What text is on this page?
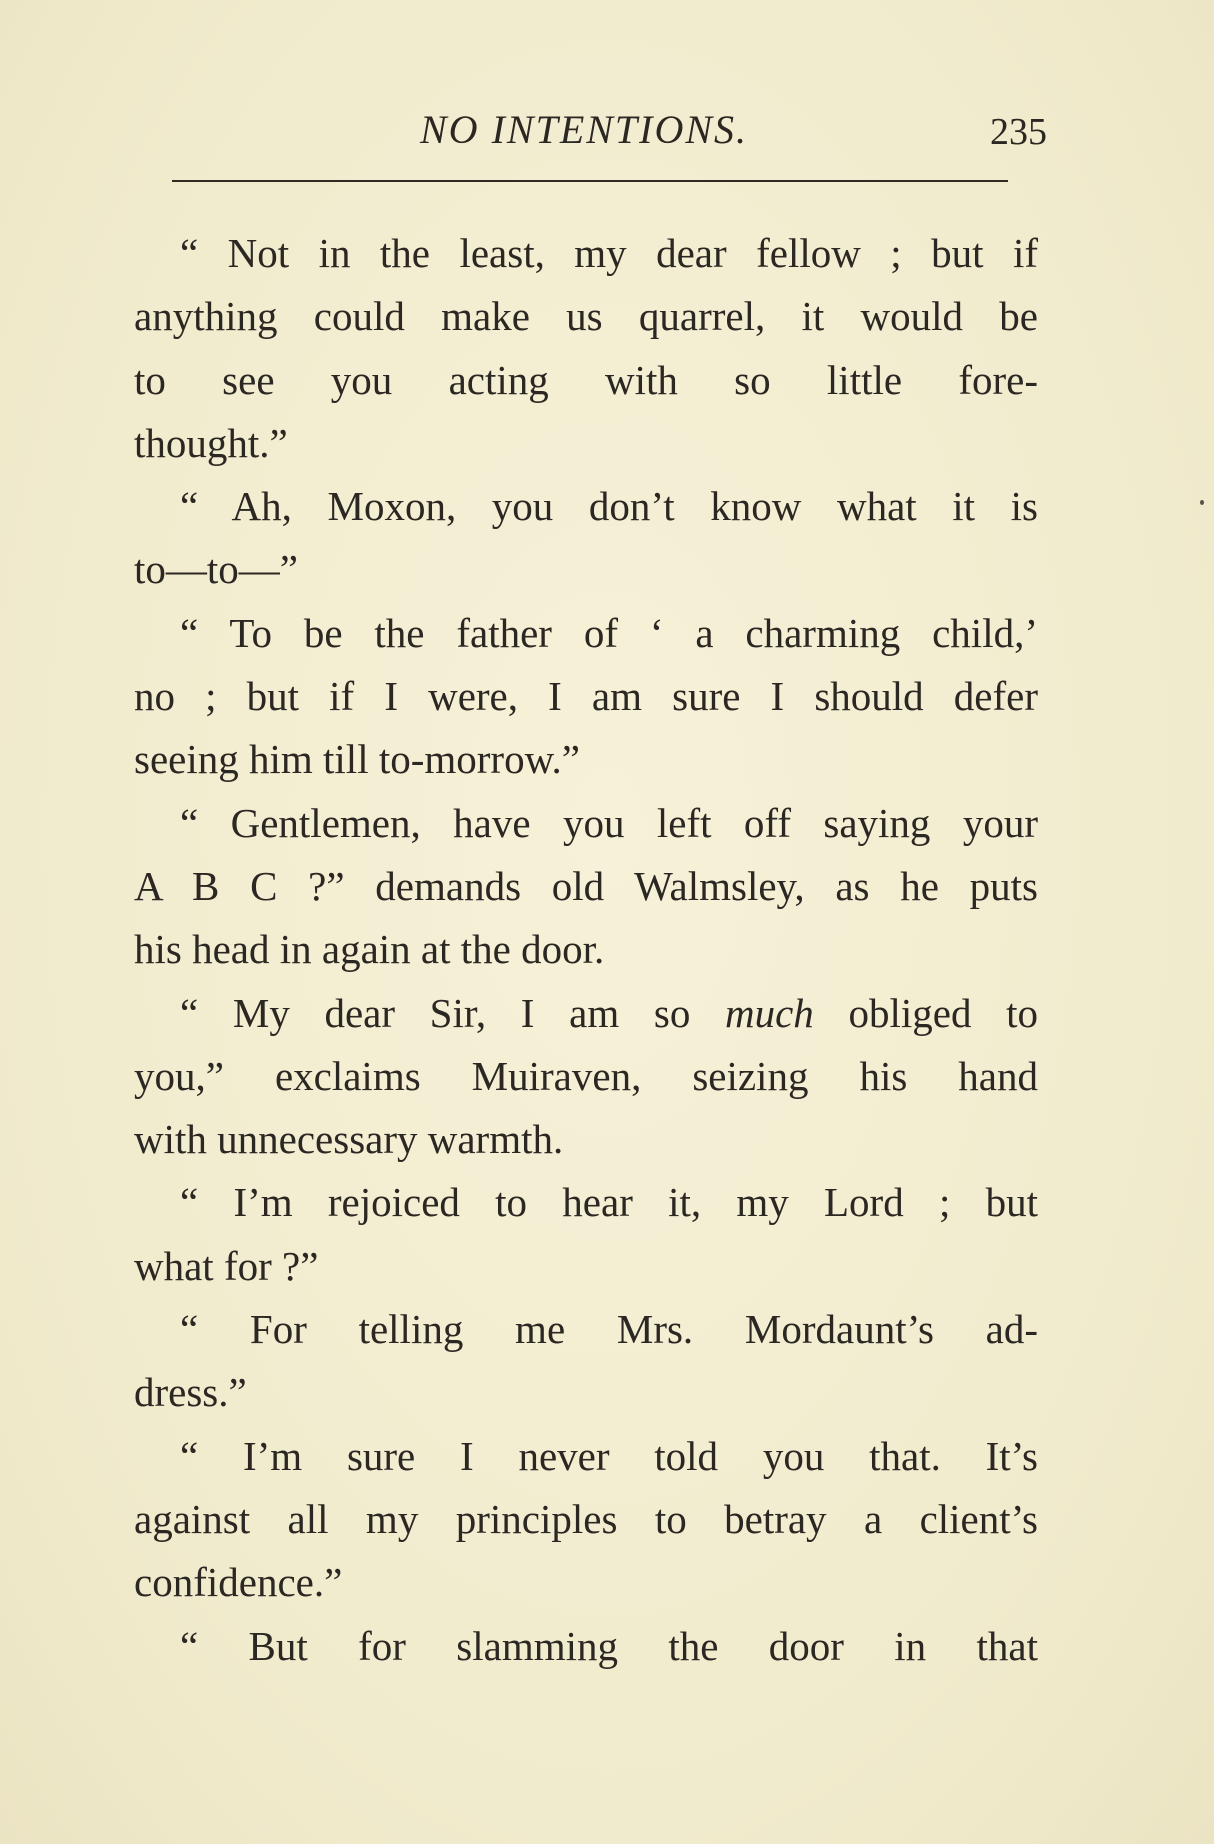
NO INTENTIONS.	235
“ Not in the least, my dear fellow ; but if
anything could make us quarrel, it would be
to see you acting with so little fore-
thought.”
“ Ah, Moxon, you don’t know what it is
to—to—”
“ To be the father of ‘ a charming child,’
no ; but if I were, I am sure I should defer
seeing him till to-morrow.”
“ Gentlemen, have you left off saying your
A B C ?” demands old Walmsley, as he puts
his head in again at the door.
“ My dear Sir, I am so much obliged to
you,” exclaims Muiraven, seizing his hand
with unnecessary warmth.
“ I’m rejoiced to hear it, my Lord ; but
what for ?”
“ For telling me Mrs. Mordaunt’s ad-
dress.”
“ I’m sure I never told you that. It’s
against all my principles to betray a client’s
confidence.”
“ But for slamming the door in that
